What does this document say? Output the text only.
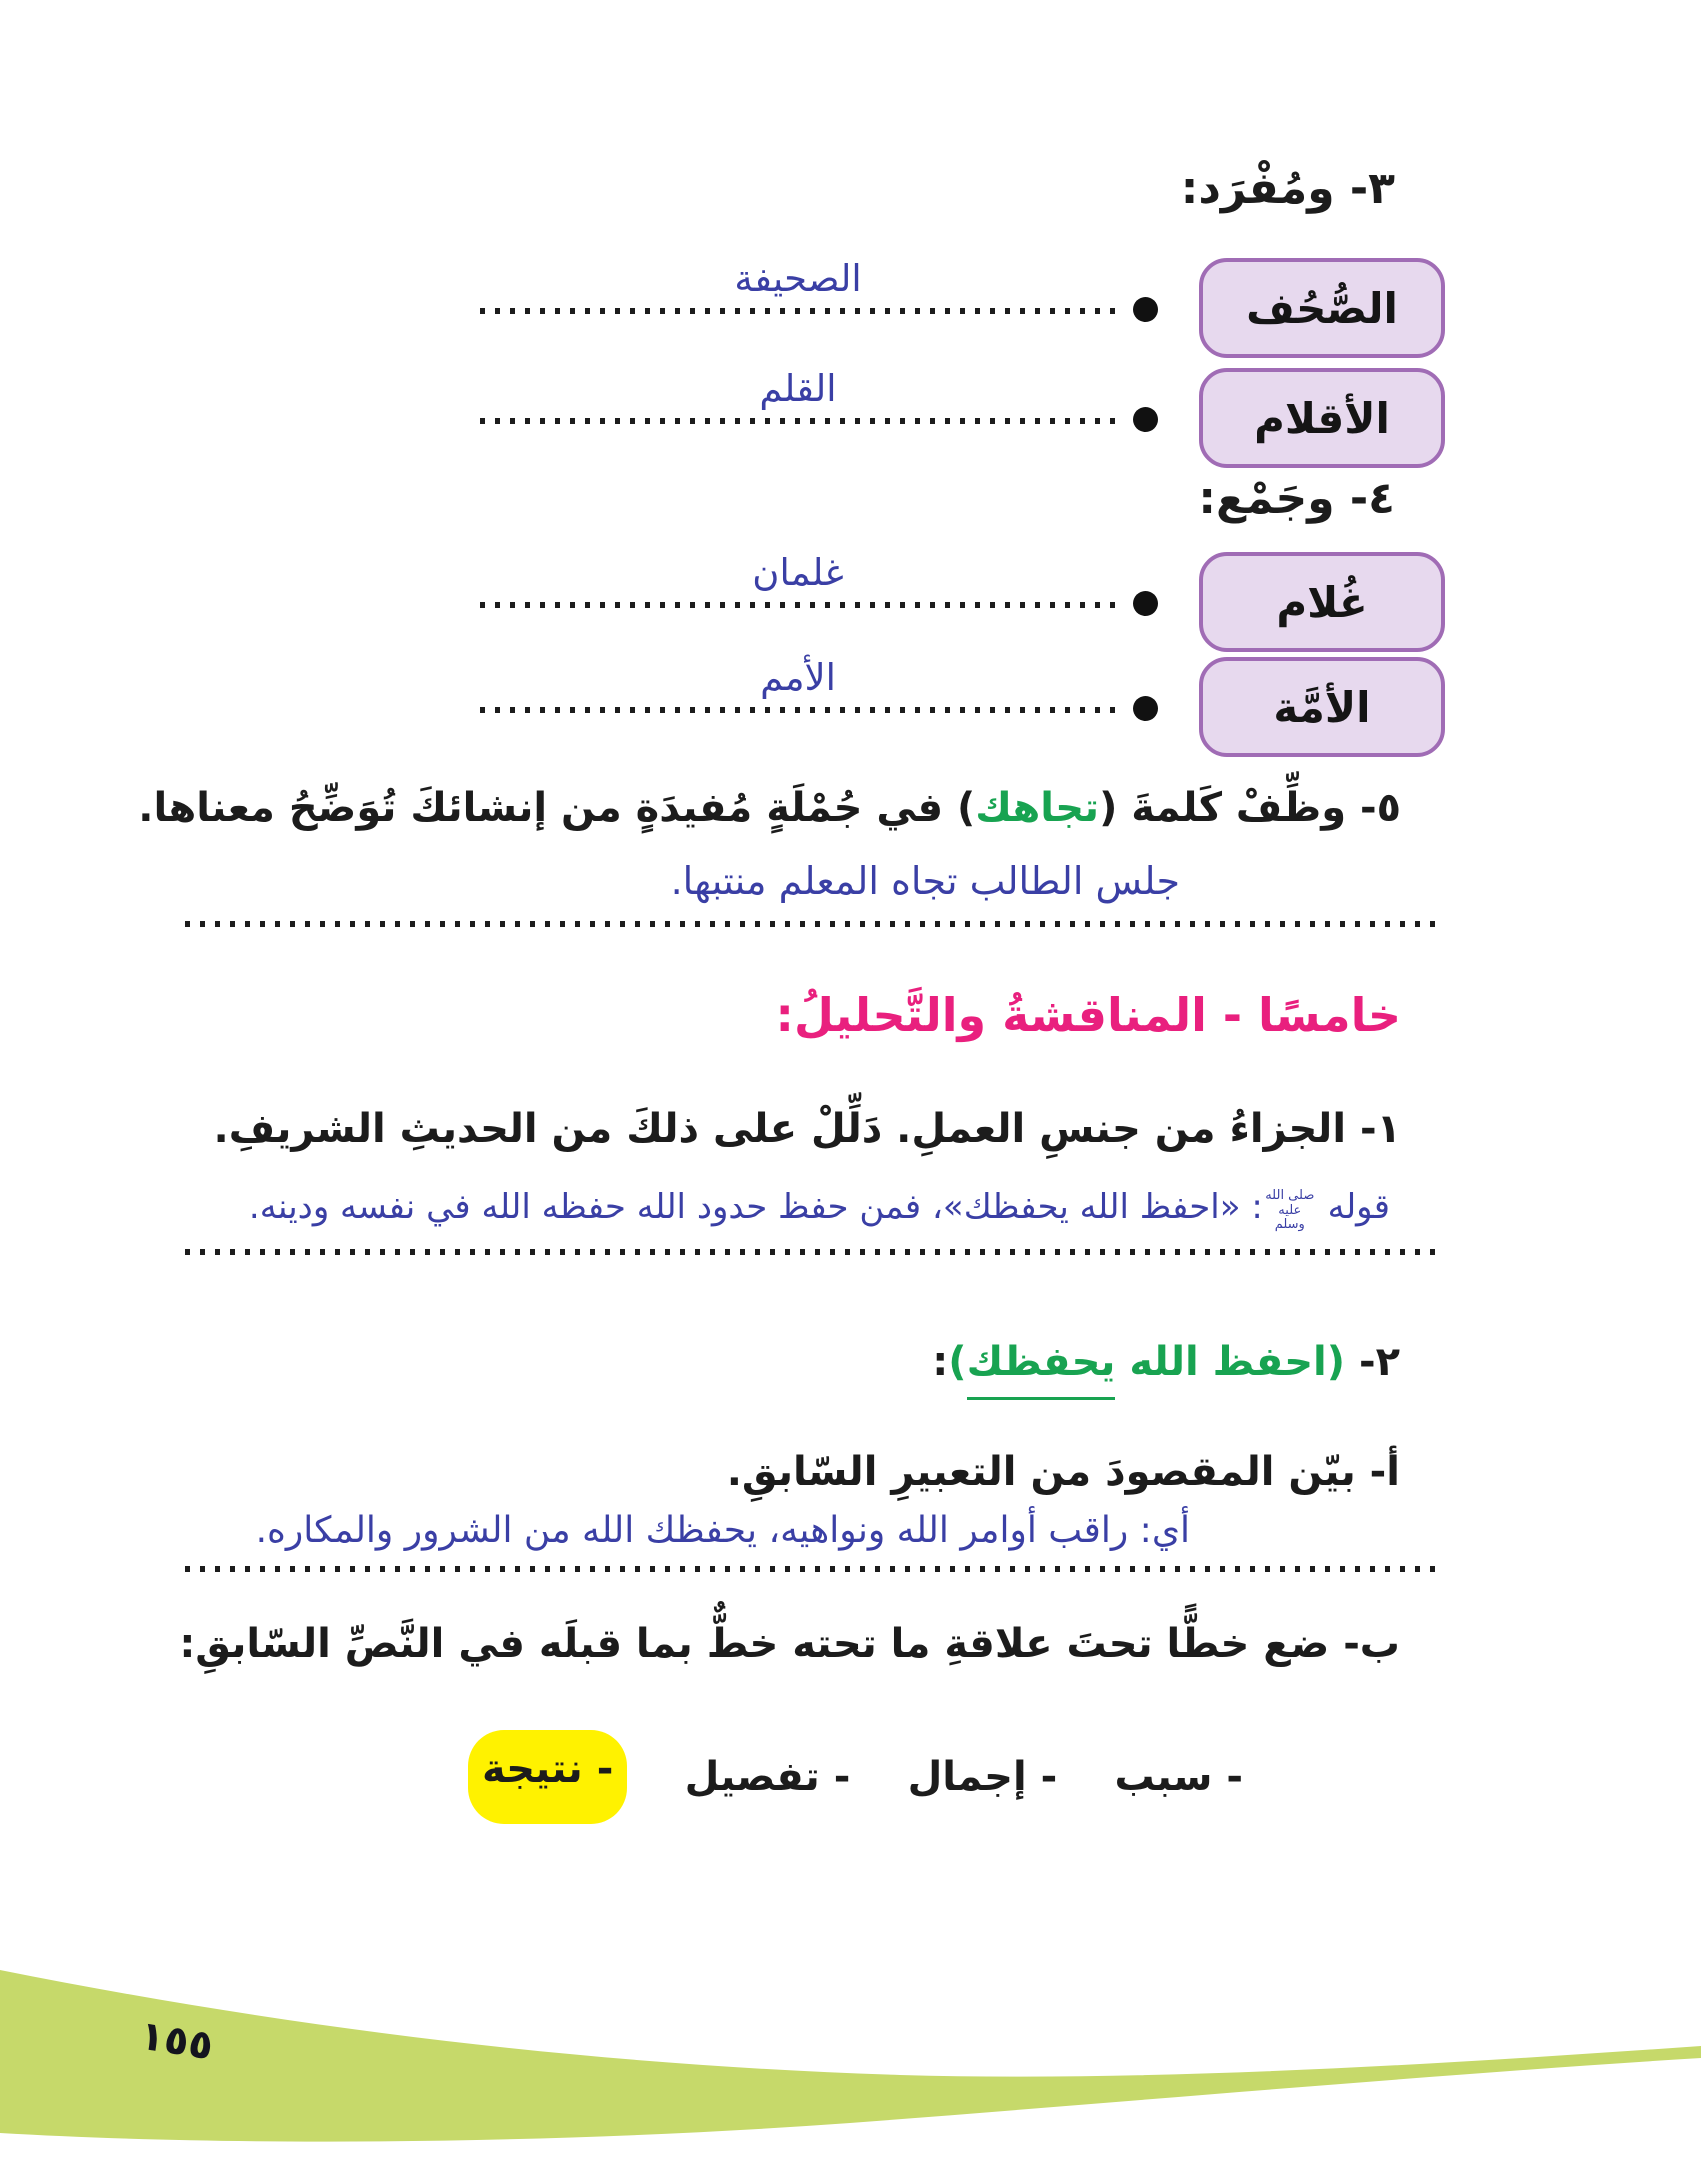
٣- ومُفْرَد:
الصُّحُف
الصحيفة
الأقلام
القلم
٤- وجَمْع:
غُلام
غلمان
الأمَّة
الأمم
٥- وظِّفْ كَلمةَ (تجاهك) في جُمْلَةٍ مُفيدَةٍ من إنشائكَ تُوَضِّحُ معناها.
جلس الطالب تجاه المعلم منتبها.
خامسًا - المناقشةُ والتَّحليلُ:
١- الجزاءُ من جنسِ العملِ. دَلِّلْ على ذلكَ من الحديثِ الشريفِ.
قوله صلى الله عليه وسلم: «احفظ الله يحفظك»، فمن حفظ حدود الله حفظه الله في نفسه ودينه.
٢- (احفظ الله يحفظك):
أ- بيّن المقصودَ من التعبيرِ السّابقِ.
أي: راقب أوامر الله ونواهيه، يحفظك الله من الشرور والمكاره.
ب- ضع خطًّا تحتَ علاقةِ ما تحته خطٌّ بما قبلَه في النَّصِّ السّابقِ:
- سبب
- إجمال
- تفصيل
- نتيجة
١٥٥
